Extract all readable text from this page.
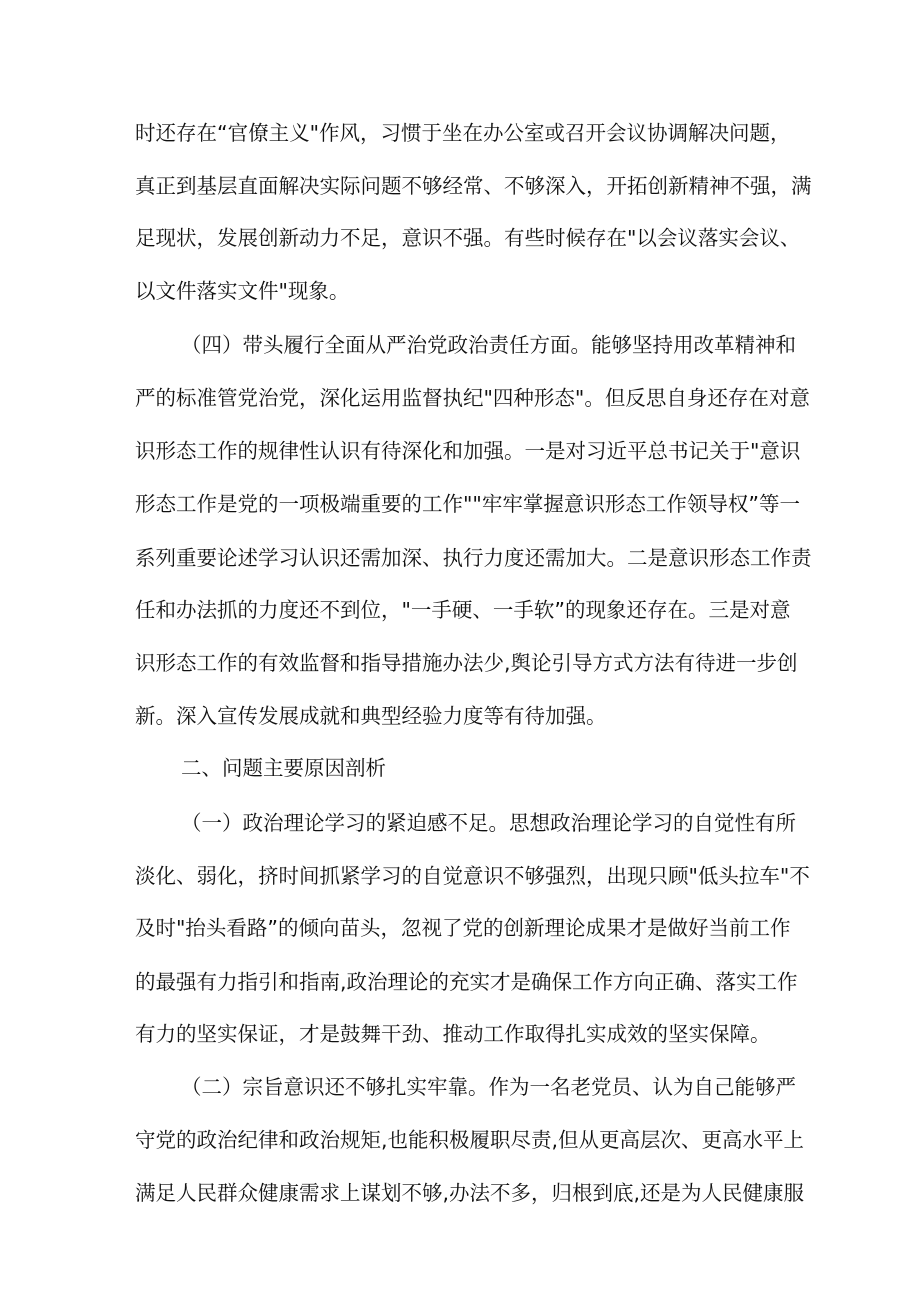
时还存在“官僚主义"作风，习惯于坐在办公室或召开会议协调解决问题，
真正到基层直面解决实际问题不够经常、不够深入，开拓创新精神不强，满
足现状，发展创新动力不足，意识不强。有些时候存在"以会议落实会议、
以文件落实文件"现象。
（四）带头履行全面从严治党政治责任方面。能够坚持用改革精神和
严的标准管党治党，深化运用监督执纪"四种形态"。但反思自身还存在对意
识形态工作的规律性认识有待深化和加强。一是对习近平总书记关于"意识
形态工作是党的一项极端重要的工作""牢牢掌握意识形态工作领导权”等一
系列重要论述学习认识还需加深、执行力度还需加大。二是意识形态工作责
任和办法抓的力度还不到位，"一手硬、一手软”的现象还存在。三是对意
识形态工作的有效监督和指导措施办法少,舆论引导方式方法有待进一步创
新。深入宣传发展成就和典型经验力度等有待加强。
二、问题主要原因剖析
（一）政治理论学习的紧迫感不足。思想政治理论学习的自觉性有所
淡化、弱化，挤时间抓紧学习的自觉意识不够强烈，出现只顾"低头拉车"不
及时"抬头看路”的倾向苗头，忽视了党的创新理论成果才是做好当前工作
的最强有力指引和指南,政治理论的充实才是确保工作方向正确、落实工作
有力的坚实保证，才是鼓舞干劲、推动工作取得扎实成效的坚实保障。
（二）宗旨意识还不够扎实牢靠。作为一名老党员、认为自己能够严
守党的政治纪律和政治规矩,也能积极履职尽责,但从更高层次、更高水平上
满足人民群众健康需求上谋划不够,办法不多，归根到底,还是为人民健康服
